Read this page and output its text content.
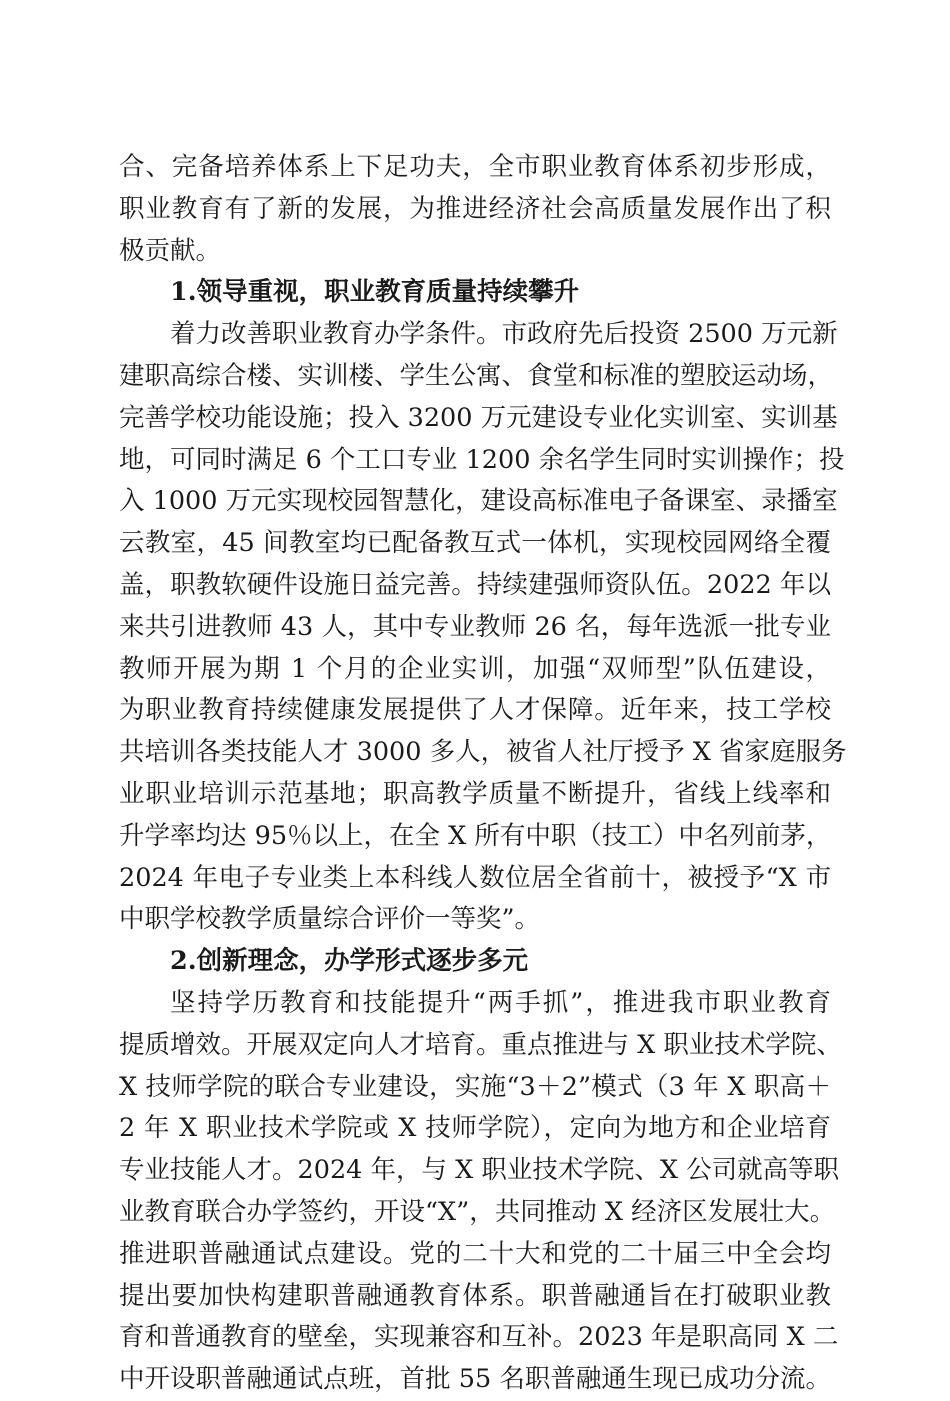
合、完备培养体系上下足功夫，全市职业教育体系初步形成，
职业教育有了新的发展，为推进经济社会高质量发展作出了积
极贡献。
1.领导重视，职业教育质量持续攀升
着力改善职业教育办学条件。市政府先后投资 2500 万元新
建职高综合楼、实训楼、学生公寓、食堂和标准的塑胶运动场，
完善学校功能设施；投入 3200 万元建设专业化实训室、实训基
地，可同时满足 6 个工口专业 1200 余名学生同时实训操作；投
入 1000 万元实现校园智慧化，建设高标准电子备课室、录播室
云教室，45 间教室均已配备教互式一体机，实现校园网络全覆
盖，职教软硬件设施日益完善。持续建强师资队伍。2022 年以
来共引进教师 43 人，其中专业教师 26 名，每年选派一批专业
教师开展为期 1 个月的企业实训，加强“双师型”队伍建设，
为职业教育持续健康发展提供了人才保障。近年来，技工学校
共培训各类技能人才 3000 多人，被省人社厅授予 X 省家庭服务
业职业培训示范基地；职高教学质量不断提升，省线上线率和
升学率均达 95％以上，在全 X 所有中职（技工）中名列前茅，
2024 年电子专业类上本科线人数位居全省前十，被授予“X 市
中职学校教学质量综合评价一等奖”。
2.创新理念，办学形式逐步多元
坚持学历教育和技能提升“两手抓”，推进我市职业教育
提质增效。开展双定向人才培育。重点推进与 X 职业技术学院、
X 技师学院的联合专业建设，实施“3＋2”模式（3 年 X 职高＋
2 年 X 职业技术学院或 X 技师学院），定向为地方和企业培育
专业技能人才。2024 年，与 X 职业技术学院、X 公司就高等职
业教育联合办学签约，开设“X”，共同推动 X 经济区发展壮大。
推进职普融通试点建设。党的二十大和党的二十届三中全会均
提出要加快构建职普融通教育体系。职普融通旨在打破职业教
育和普通教育的壁垒，实现兼容和互补。2023 年是职高同 X 二
中开设职普融通试点班，首批 55 名职普融通生现已成功分流。
